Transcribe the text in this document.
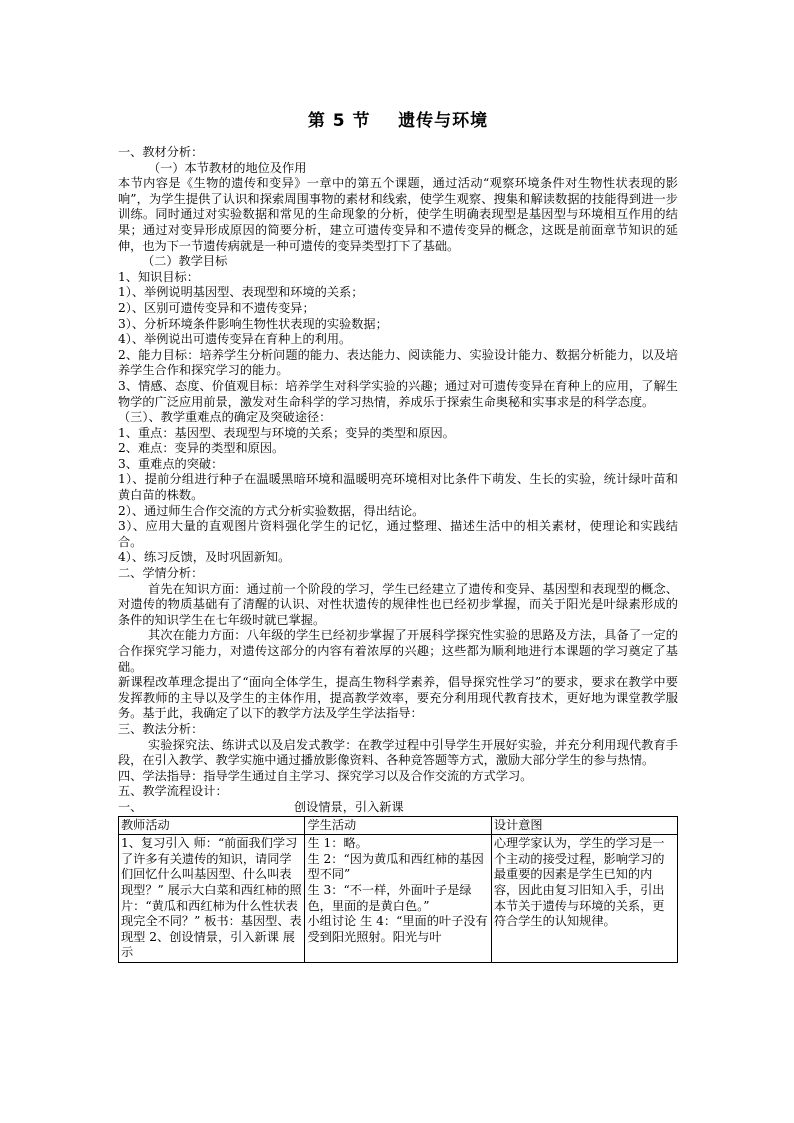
第 5 节    遗传与环境

一、教材分析：

（一）本节教材的地位及作用

本节内容是《生物的遗传和变异》一章中的第五个课题，通过活动“观察环境条件对生物性状表现的影响”，为学生提供了认识和探索周围事物的素材和线索，使学生观察、搜集和解读数据的技能得到进一步训练。同时通过对实验数据和常见的生命现象的分析，使学生明确表现型是基因型与环境相互作用的结果；通过对变异形成原因的简要分析，建立可遗传变异和不遗传变异的概念，这既是前面章节知识的延伸，也为下一节遗传病就是一种可遗传的变异类型打下了基础。

（二）教学目标

1、知识目标：

1）、举例说明基因型、表现型和环境的关系；

2）、区别可遗传变异和不遗传变异；

3）、分析环境条件影响生物性状表现的实验数据；

4）、举例说出可遗传变异在育种上的利用。

2、能力目标：培养学生分析问题的能力、表达能力、阅读能力、实验设计能力、数据分析能力，以及培养学生合作和探究学习的能力。

3、情感、态度、价值观目标：培养学生对科学实验的兴趣；通过对可遗传变异在育种上的应用，了解生物学的广泛应用前景，激发对生命科学的学习热情，养成乐于探索生命奥秘和实事求是的科学态度。

（三）、教学重难点的确定及突破途径：

1、重点：基因型、表现型与环境的关系；变异的类型和原因。

2、难点：变异的类型和原因。

3、重难点的突破：

1）、提前分组进行种子在温暖黑暗环境和温暖明亮环境相对比条件下萌发、生长的实验，统计绿叶苗和黄白苗的株数。

2）、通过师生合作交流的方式分析实验数据，得出结论。

3）、应用大量的直观图片资料强化学生的记忆，通过整理、描述生活中的相关素材，使理论和实践结合。

4）、练习反馈，及时巩固新知。

二、学情分析：

首先在知识方面：通过前一个阶段的学习，学生已经建立了遗传和变异、基因型和表现型的概念、对遗传的物质基础有了清醒的认识、对性状遗传的规律性也已经初步掌握，而关于阳光是叶绿素形成的条件的知识学生在七年级时就已掌握。

其次在能力方面：八年级的学生已经初步掌握了开展科学探究性实验的思路及方法，具备了一定的合作探究学习能力，对遗传这部分的内容有着浓厚的兴趣；这些都为顺利地进行本课题的学习奠定了基础。

新课程改革理念提出了“面向全体学生，提高生物科学素养，倡导探究性学习”的要求，要求在教学中要发挥教师的主导以及学生的主体作用，提高教学效率，要充分利用现代教育技术，更好地为课堂教学服务。基于此，我确定了以下的教学方法及学生学法指导：

三、教法分析：

实验探究法、练讲式以及启发式教学：在教学过程中引导学生开展好实验，并充分利用现代教育手段，在引入教学、教学实施中通过播放影像资料、各种竞答题等方式，激励大部分学生的参与热情。

四、学法指导：指导学生通过自主学习、探究学习以及合作交流的方式学习。

五、教学流程设计：

一、	创设情景，引入新课
教师活动	学生活动	设计意图
1、复习引入 师：“前面我们学习了许多有关遗传的知识，请同学们回忆什么叫基因型、什么叫表现型？” 展示大白菜和西红柿的照片：“黄瓜和西红柿为什么性状表现完全不同？” 板书：基因型、表现型 2、创设情景，引入新课 展示	生 1：略。
生 2：“因为黄瓜和西红柿的基因型不同”
生 3：“不一样，外面叶子是绿色，里面的是黄白色。”
小组讨论 生 4：“里面的叶子没有受到阳光照射。阳光与叶	心理学家认为，学生的学习是一个主动的接受过程，影响学习的最重要的因素是学生已知的内容，因此由复习旧知入手，引出本节关于遗传与环境的关系，更符合学生的认知规律。
